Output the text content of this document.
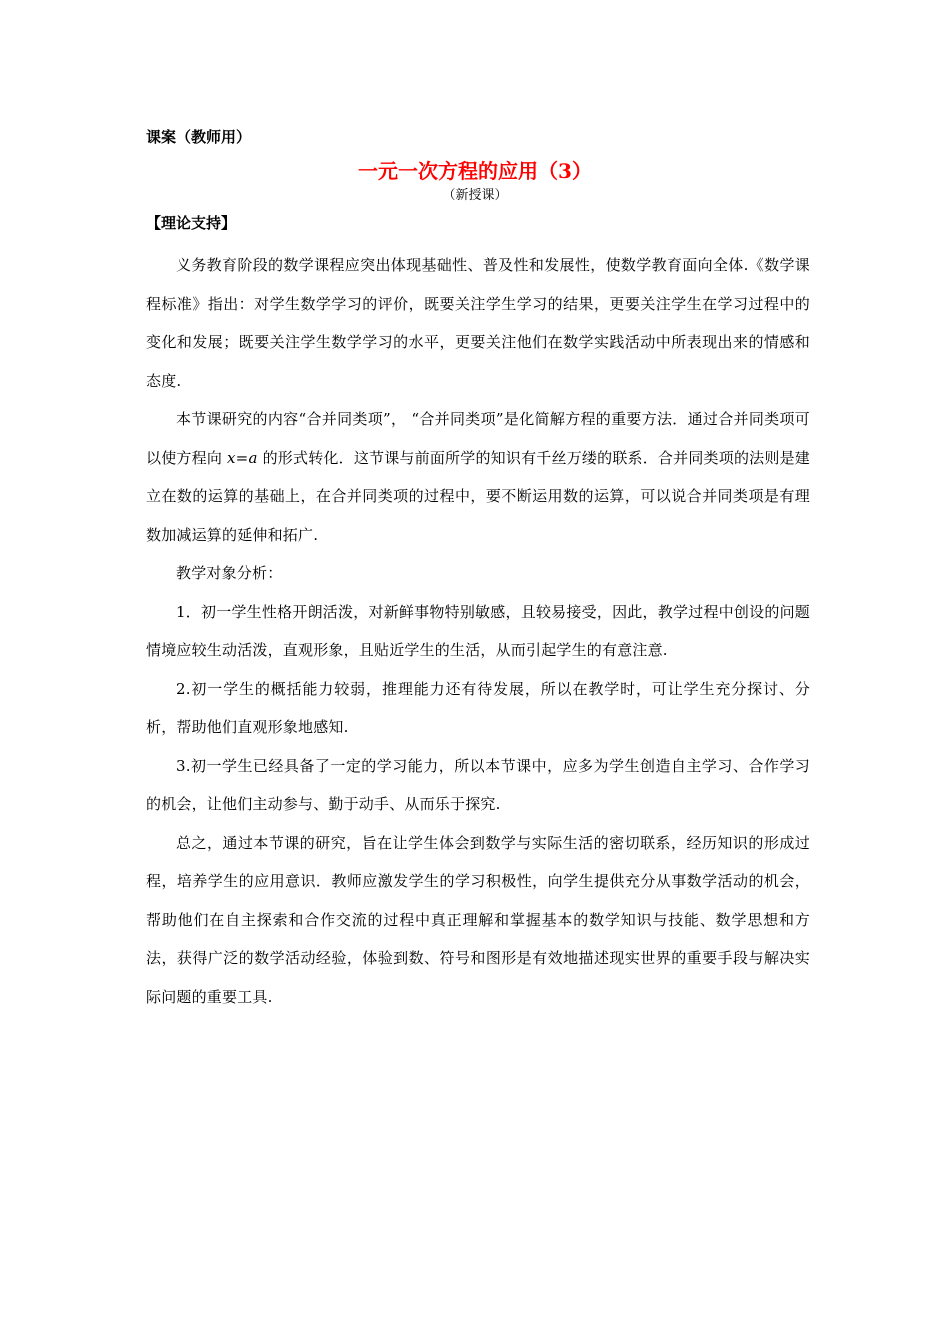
课案（教师用）
一元一次方程的应用（3）
（新授课）
【理论支持】

义务教育阶段的数学课程应突出体现基础性、普及性和发展性，使数学教育面向全体.《数学课程标准》指出：对学生数学学习的评价，既要关注学生学习的结果，更要关注学生在学习过程中的变化和发展；既要关注学生数学学习的水平，更要关注他们在数学实践活动中所表现出来的情感和态度.

本节课研究的内容“合并同类项”， “合并同类项”是化简解方程的重要方法．通过合并同类项可以使方程向 x=a 的形式转化．这节课与前面所学的知识有千丝万缕的联系．合并同类项的法则是建立在数的运算的基础上，在合并同类项的过程中，要不断运用数的运算，可以说合并同类项是有理数加减运算的延伸和拓广.

教学对象分析：

1．初一学生性格开朗活泼，对新鲜事物特别敏感，且较易接受，因此，教学过程中创设的问题情境应较生动活泼，直观形象，且贴近学生的生活，从而引起学生的有意注意.

2.初一学生的概括能力较弱，推理能力还有待发展，所以在教学时，可让学生充分探讨、分析，帮助他们直观形象地感知.

3.初一学生已经具备了一定的学习能力，所以本节课中，应多为学生创造自主学习、合作学习的机会，让他们主动参与、勤于动手、从而乐于探究.

总之，通过本节课的研究，旨在让学生体会到数学与实际生活的密切联系，经历知识的形成过程，培养学生的应用意识．教师应激发学生的学习积极性，向学生提供充分从事数学活动的机会，帮助他们在自主探索和合作交流的过程中真正理解和掌握基本的数学知识与技能、数学思想和方法，获得广泛的数学活动经验，体验到数、符号和图形是有效地描述现实世界的重要手段与解决实际问题的重要工具.
